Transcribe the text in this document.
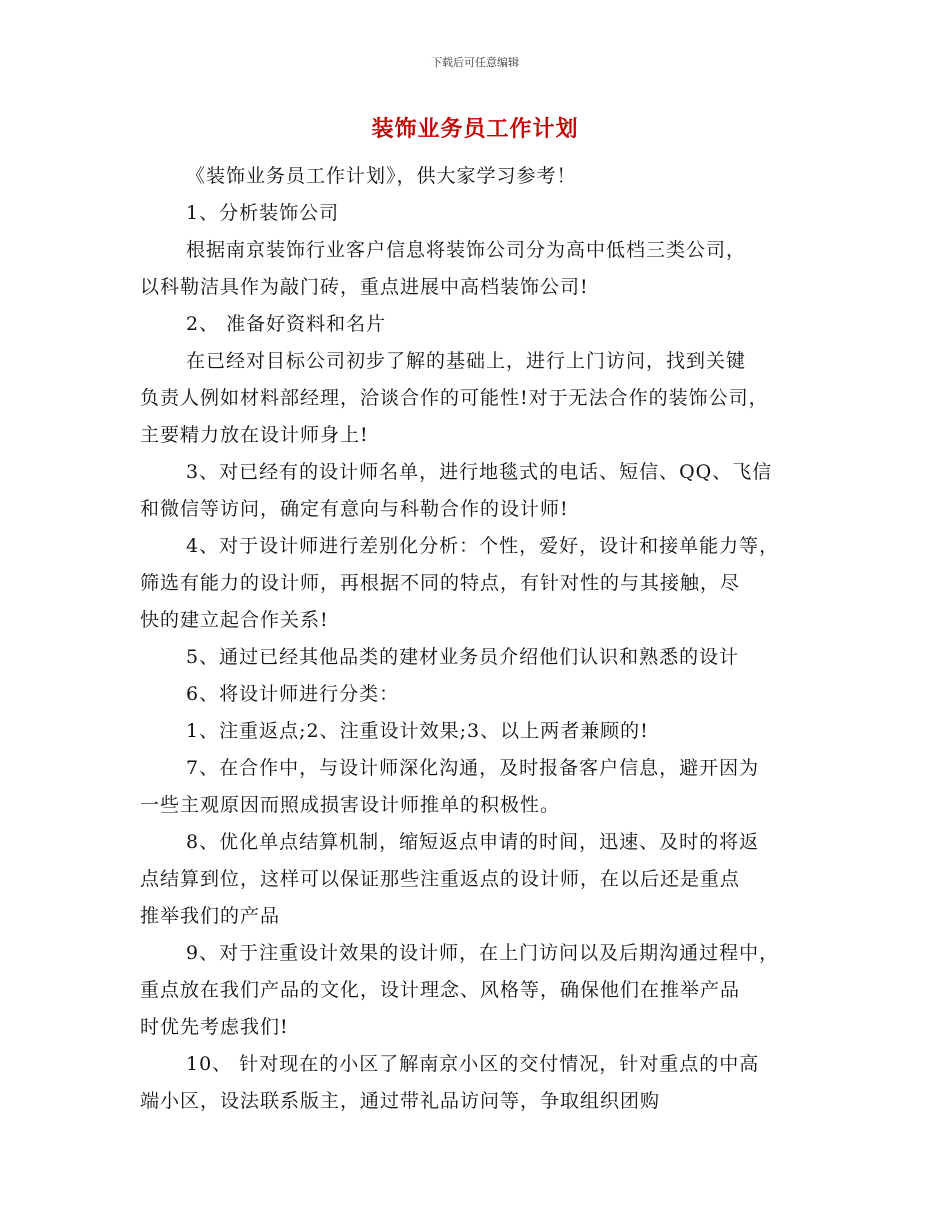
下载后可任意编辑
装饰业务员工作计划

《装饰业务员工作计划》，供大家学习参考！

1、分析装饰公司

根据南京装饰行业客户信息将装饰公司分为高中低档三类公司，
以科勒洁具作为敲门砖，重点进展中高档装饰公司!

2、 准备好资料和名片

在已经对目标公司初步了解的基础上，进行上门访问，找到关键
负责人例如材料部经理，洽谈合作的可能性!对于无法合作的装饰公司，
主要精力放在设计师身上!

3、对已经有的设计师名单，进行地毯式的电话、短信、QQ、飞信
和微信等访问，确定有意向与科勒合作的设计师!

4、对于设计师进行差别化分析：个性，爱好，设计和接单能力等，
筛选有能力的设计师，再根据不同的特点，有针对性的与其接触，尽
快的建立起合作关系!

5、通过已经其他品类的建材业务员介绍他们认识和熟悉的设计

6、将设计师进行分类：

1、注重返点;2、注重设计效果;3、以上两者兼顾的!

7、在合作中，与设计师深化沟通，及时报备客户信息，避开因为
一些主观原因而照成损害设计师推单的积极性。

8、优化单点结算机制，缩短返点申请的时间，迅速、及时的将返
点结算到位，这样可以保证那些注重返点的设计师，在以后还是重点
推举我们的产品

9、对于注重设计效果的设计师，在上门访问以及后期沟通过程中，
重点放在我们产品的文化，设计理念、风格等，确保他们在推举产品
时优先考虑我们!

10、 针对现在的小区了解南京小区的交付情况，针对重点的中高
端小区，设法联系版主，通过带礼品访问等，争取组织团购
